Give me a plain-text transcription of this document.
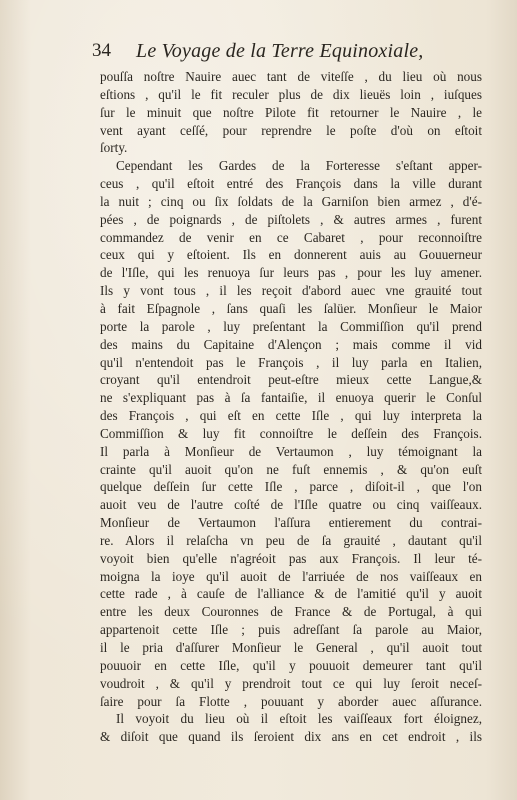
34 Le Voyage de la Terre Equinoxiale,
pouſſa noſtre Nauire auec tant de viteſſe , du lieu où nous
eſtions , qu'il le fit reculer plus de dix lieuës loin , iuſques
ſur le minuit que noſtre Pilote fit retourner le Nauire , le
vent ayant ceſſé, pour reprendre le poſte d'où on eſtoit
ſorty.
Cependant les Gardes de la Forteresse s'eſtant apper-
ceus , qu'il eſtoit entré des François dans la ville durant
la nuit ; cinq ou ſix ſoldats de la Garniſon bien armez , d'é-
pées , de poignards , de piſtolets , & autres armes , furent
commandez de venir en ce Cabaret , pour reconnoiſtre
ceux qui y eſtoient. Ils en donnerent auis au Gouuerneur
de l'Iſle, qui les renuoya ſur leurs pas , pour les luy amener.
Ils y vont tous , il les reçoit d'abord auec vne grauité tout
à fait Eſpagnole , ſans quaſi les ſalüer. Monſieur le Maior
porte la parole , luy preſentant la Commiſſion qu'il prend
des mains du Capitaine d'Alençon ; mais comme il vid
qu'il n'entendoit pas le François , il luy parla en Italien,
croyant qu'il entendroit peut-eſtre mieux cette Langue,&
ne s'expliquant pas à ſa fantaiſie, il enuoya querir le Conſul
des François , qui eſt en cette Iſle , qui luy interpreta la
Commiſſion & luy fit connoiſtre le deſſein des François.
Il parla à Monſieur de Vertaumon , luy témoignant la
crainte qu'il auoit qu'on ne fuſt ennemis , & qu'on euſt
quelque deſſein ſur cette Iſle , parce , diſoit-il , que l'on
auoit veu de l'autre coſté de l'Iſle quatre ou cinq vaiſſeaux.
Monſieur de Vertaumon l'aſſura entierement du contrai-
re. Alors il relaſcha vn peu de ſa grauité , dautant qu'il
voyoit bien qu'elle n'agréoit pas aux François. Il leur té-
moigna la ioye qu'il auoit de l'arriuée de nos vaiſſeaux en
cette rade , à cauſe de l'alliance & de l'amitié qu'il y auoit
entre les deux Couronnes de France & de Portugal, à qui
appartenoit cette Iſle ; puis adreſſant ſa parole au Maior,
il le pria d'aſſurer Monſieur le General , qu'il auoit tout
pouuoir en cette Iſle, qu'il y pouuoit demeurer tant qu'il
voudroit , & qu'il y prendroit tout ce qui luy ſeroit neceſ-
ſaire pour ſa Flotte , pouuant y aborder auec aſſurance.
Il voyoit du lieu où il eſtoit les vaiſſeaux fort éloignez,
& diſoit que quand ils ſeroient dix ans en cet endroit , ils
